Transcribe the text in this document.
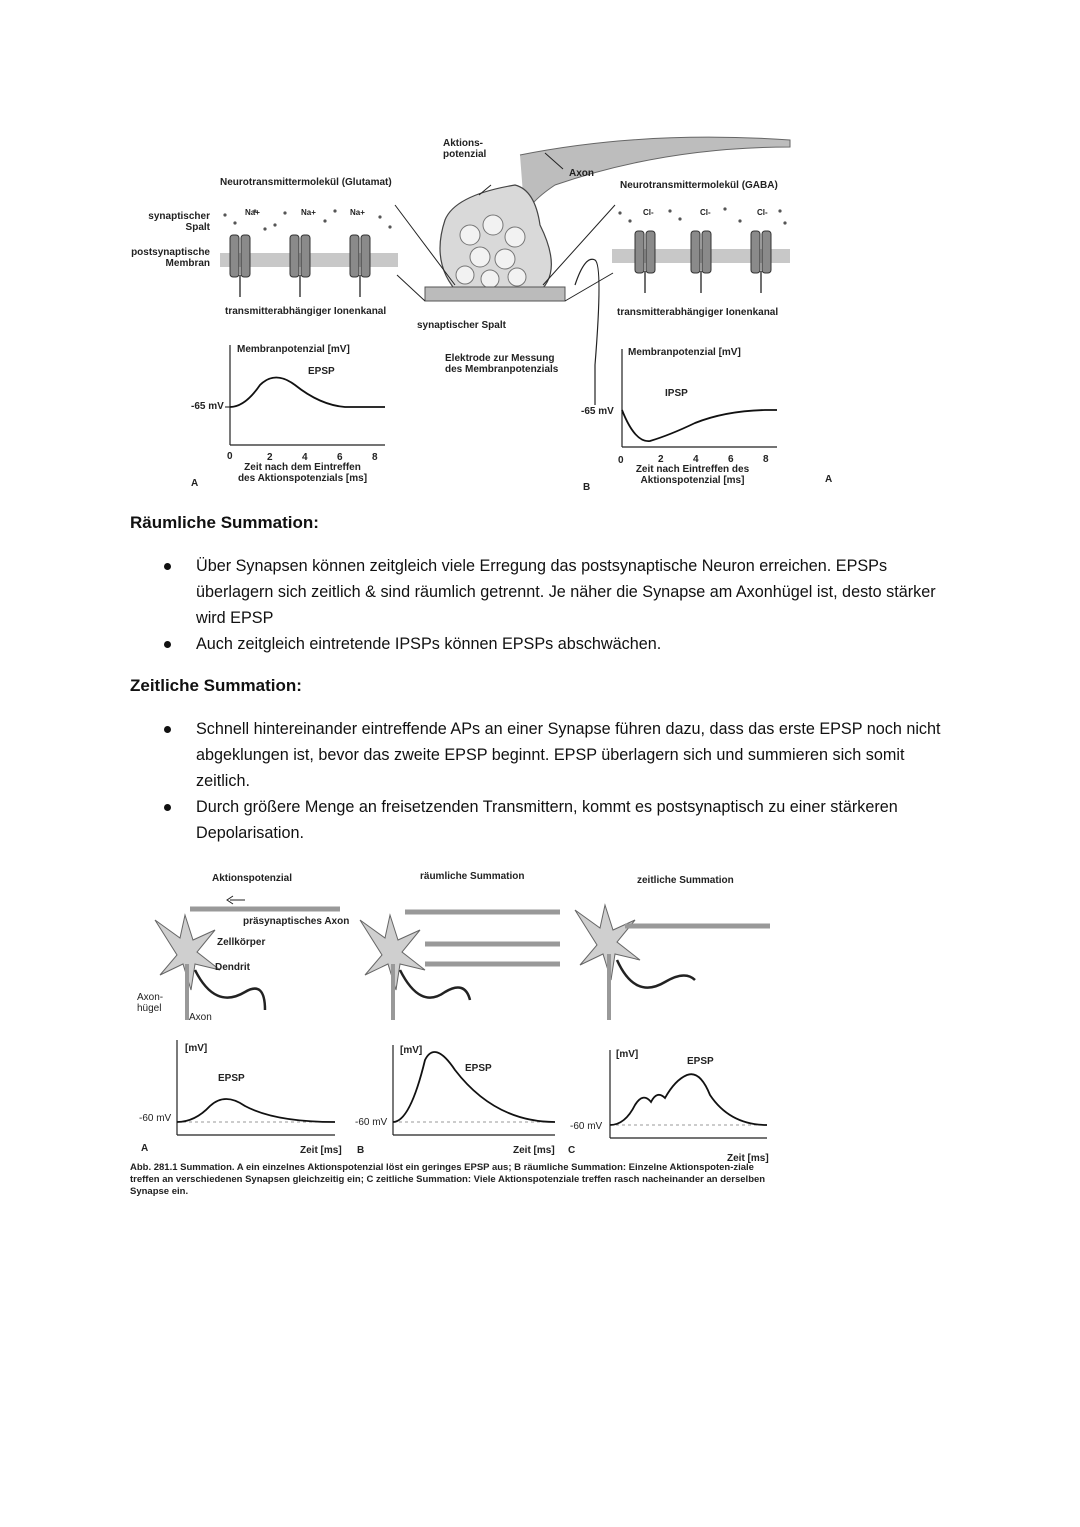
Neurotransmittermolekül (Glutamat)
synaptischer Spalt
postsynaptische Membran
Na+	Na+	Na+
transmitterabhängiger Ionenkanal
Membranpotenzial [mV]
EPSP
-65 mV
0	2	4	6	8
Zeit nach dem Eintreffen des Aktionspotenzials [ms]
A
Aktions-potenzial
Axon
synaptischer Spalt
Elektrode zur Messung des Membranpotenzials
Neurotransmittermolekül (GABA)
Cl-	Cl-	Cl-
transmitterabhängiger Ionenkanal
Membranpotenzial [mV]
IPSP
-65 mV
0	2	4	6	8
Zeit nach Eintreffen des Aktionspotenzial [ms]
B
A
Räumliche Summation:
Über Synapsen können zeitgleich viele Erregung das postsynaptische Neuron erreichen. EPSPs überlagern sich zeitlich & sind räumlich getrennt. Je näher die Synapse am Axonhügel ist, desto stärker wird EPSP
Auch zeitgleich eintretende IPSPs können EPSPs abschwächen.
Zeitliche Summation:
Schnell hintereinander eintreffende APs an einer Synapse führen dazu, dass das erste EPSP noch nicht abgeklungen ist, bevor das zweite EPSP beginnt. EPSP überlagern sich und summieren sich somit zeitlich.
Durch größere Menge an freisetzenden Transmittern, kommt es postsynaptisch zu einer stärkeren Depolarisation.
Aktionspotenzial
präsynaptisches Axon
Zellkörper
Dendrit
Axon-hügel
Axon
[mV]
EPSP
-60 mV
A
räumliche Summation
[mV]
EPSP
-60 mV
Zeit [ms] B
zeitliche Summation
[mV]
EPSP
-60 mV
Zeit [ms] C
Zeit [ms]
Abb. 281.1 Summation. A ein einzelnes Aktionspotenzial löst ein geringes EPSP aus; B räumliche Summation: Einzelne Aktionspoten-ziale treffen an verschiedenen Synapsen gleichzeitig ein; C zeitliche Summation: Viele Aktionspotenziale treffen rasch nacheinander an derselben Synapse ein.
